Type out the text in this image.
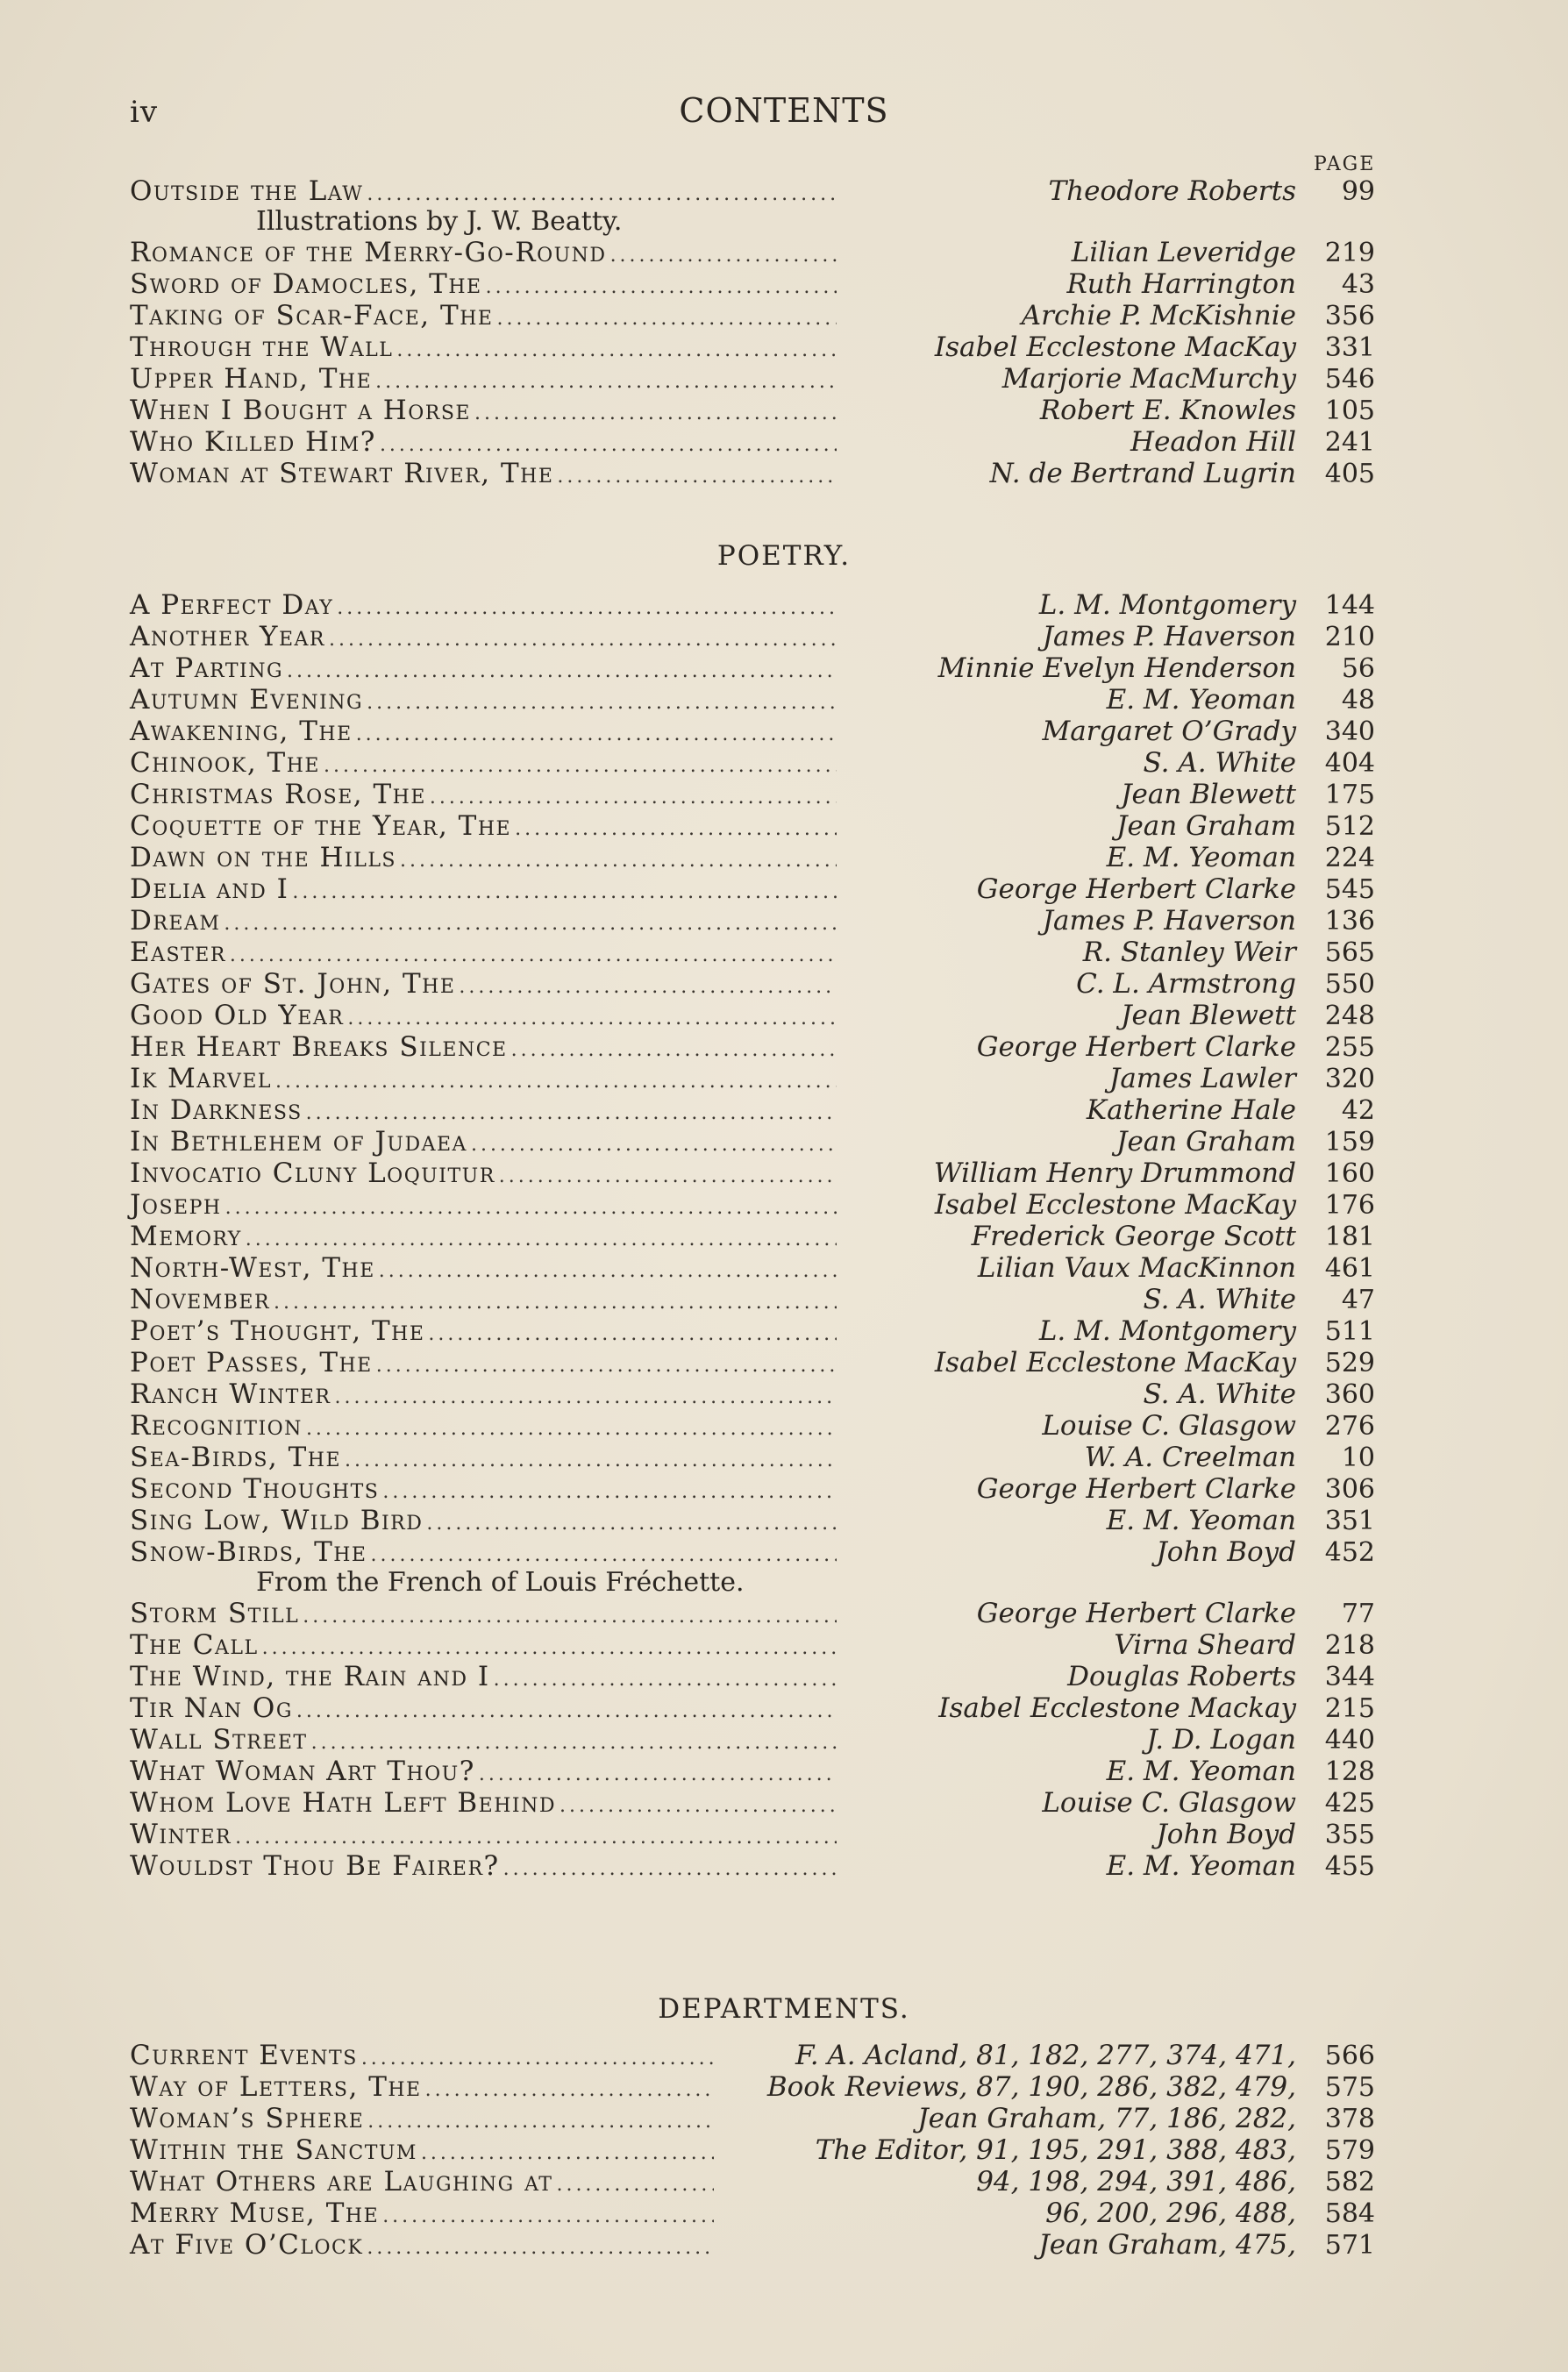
iv	CONTENTS
PAGE
Outside the Law .....	Theodore Roberts	99
Illustrations by J. W. Beatty.
Romance of the Merry-Go-Round .....	Lilian Leveridge	219
Sword of Damocles, The .....	Ruth Harrington	43
Taking of Scar-Face, The .....	Archie P. McKishnie	356
Through the Wall .....	Isabel Ecclestone MacKay	331
Upper Hand, The .....	Marjorie MacMurchy	546
When I Bought a Horse .....	Robert E. Knowles	105
Who Killed Him? .....	Headon Hill	241
Woman at Stewart River, The .....	N. de Bertrand Lugrin	405
POETRY.
A Perfect Day .....	L. M. Montgomery	144
Another Year .....	James P. Haverson	210
At Parting .....	Minnie Evelyn Henderson	56
Autumn Evening .....	E. M. Yeoman	48
Awakening, The .....	Margaret O’Grady	340
Chinook, The .....	S. A. White	404
Christmas Rose, The .....	Jean Blewett	175
Coquette of the Year, The .....	Jean Graham	512
Dawn on the Hills .....	E. M. Yeoman	224
Delia and I .....	George Herbert Clarke	545
Dream .....	James P. Haverson	136
Easter .....	R. Stanley Weir	565
Gates of St. John, The .....	C. L. Armstrong	550
Good Old Year .....	Jean Blewett	248
Her Heart Breaks Silence .....	George Herbert Clarke	255
Ik Marvel .....	James Lawler	320
In Darkness .....	Katherine Hale	42
In Bethlehem of Judaea .....	Jean Graham	159
Invocatio Cluny Loquitur .....	William Henry Drummond	160
Joseph .....	Isabel Ecclestone MacKay	176
Memory .....	Frederick George Scott	181
North-West, The .....	Lilian Vaux MacKinnon	461
November .....	S. A. White	47
Poet’s Thought, The .....	L. M. Montgomery	511
Poet Passes, The .....	Isabel Ecclestone MacKay	529
Ranch Winter .....	S. A. White	360
Recognition .....	Louise C. Glasgow	276
Sea-Birds, The .....	W. A. Creelman	10
Second Thoughts .....	George Herbert Clarke	306
Sing Low, Wild Bird .....	E. M. Yeoman	351
Snow-Birds, The .....	John Boyd	452
From the French of Louis Fréchette.
Storm Still .....	George Herbert Clarke	77
The Call .....	Virna Sheard	218
The Wind, the Rain and I .....	Douglas Roberts	344
Tir Nan Og .....	Isabel Ecclestone Mackay	215
Wall Street .....	J. D. Logan	440
What Woman Art Thou? .....	E. M. Yeoman	128
Whom Love Hath Left Behind .....	Louise C. Glasgow	425
Winter .....	John Boyd	355
Wouldst Thou Be Fairer? .....	E. M. Yeoman	455
DEPARTMENTS.
Current Events .....	F. A. Acland, 81, 182, 277, 374, 471,	566
Way of Letters, The .....	Book Reviews, 87, 190, 286, 382, 479,	575
Woman’s Sphere .....	Jean Graham, 77, 186, 282,	378
Within the Sanctum .....	The Editor, 91, 195, 291, 388, 483,	579
What Others are Laughing at .....	94, 198, 294, 391, 486,	582
Merry Muse, The .....	96, 200, 296, 488,	584
At Five O’Clock .....	Jean Graham, 475,	571
